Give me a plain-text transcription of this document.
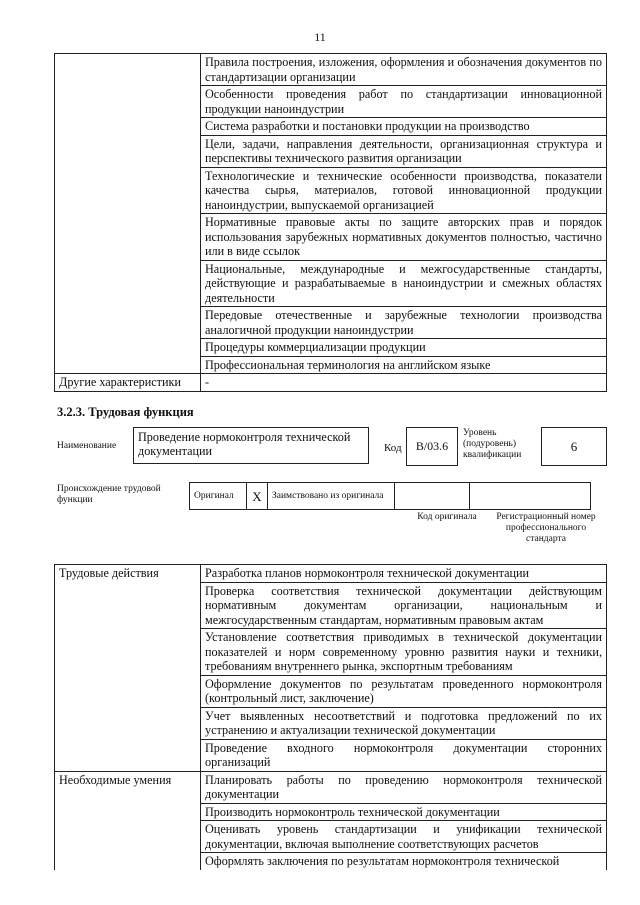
11
	Правила построения, изложения, оформления и обозначения документов по стандартизации организации
	Особенности проведения работ по стандартизации инновационной продукции наноиндустрии
	Система разработки и постановки продукции на производство
	Цели, задачи, направления деятельности, организационная структура и перспективы технического развития организации
	Технологические и технические особенности производства, показатели качества сырья, материалов, готовой инновационной продукции наноиндустрии, выпускаемой организацией
	Нормативные правовые акты по защите авторских прав и порядок использования зарубежных нормативных документов полностью, частично или в виде ссылок
	Национальные, международные и межгосударственные стандарты, действующие и разрабатываемые в наноиндустрии и смежных областях деятельности
	Передовые отечественные и зарубежные технологии производства аналогичной продукции наноиндустрии
	Процедуры коммерциализации продукции
	Профессиональная терминология на английском языке
Другие характеристики	-
3.2.3. Трудовая функция
Наименование
Проведение нормоконтроля технической документации	Код	B/03.6
Уровень (подуровень) квалификации
6
Происхождение трудовой функции	Оригинал	X	Заимствовано из оригинала		
Код оригинала	Регистрационный номер профессионального стандарта
Трудовые действия	Разработка планов нормоконтроля технической документации
	Проверка соответствия технической документации действующим нормативным документам организации, национальным и межгосударственным стандартам, нормативным правовым актам
	Установление соответствия приводимых в технической документации показателей и норм современному уровню развития науки и техники, требованиям внутреннего рынка, экспортным требованиям
	Оформление документов по результатам проведенного нормоконтроля (контрольный лист, заключение)
	Учет выявленных несоответствий и подготовка предложений по их устранению и актуализации технической документации
	Проведение входного нормоконтроля документации сторонних организаций
Необходимые умения	Планировать работы по проведению нормоконтроля технической документации
	Производить нормоконтроль технической документации
	Оценивать уровень стандартизации и унификации технической документации, включая выполнение соответствующих расчетов
	Оформлять заключения по результатам нормоконтроля технической
